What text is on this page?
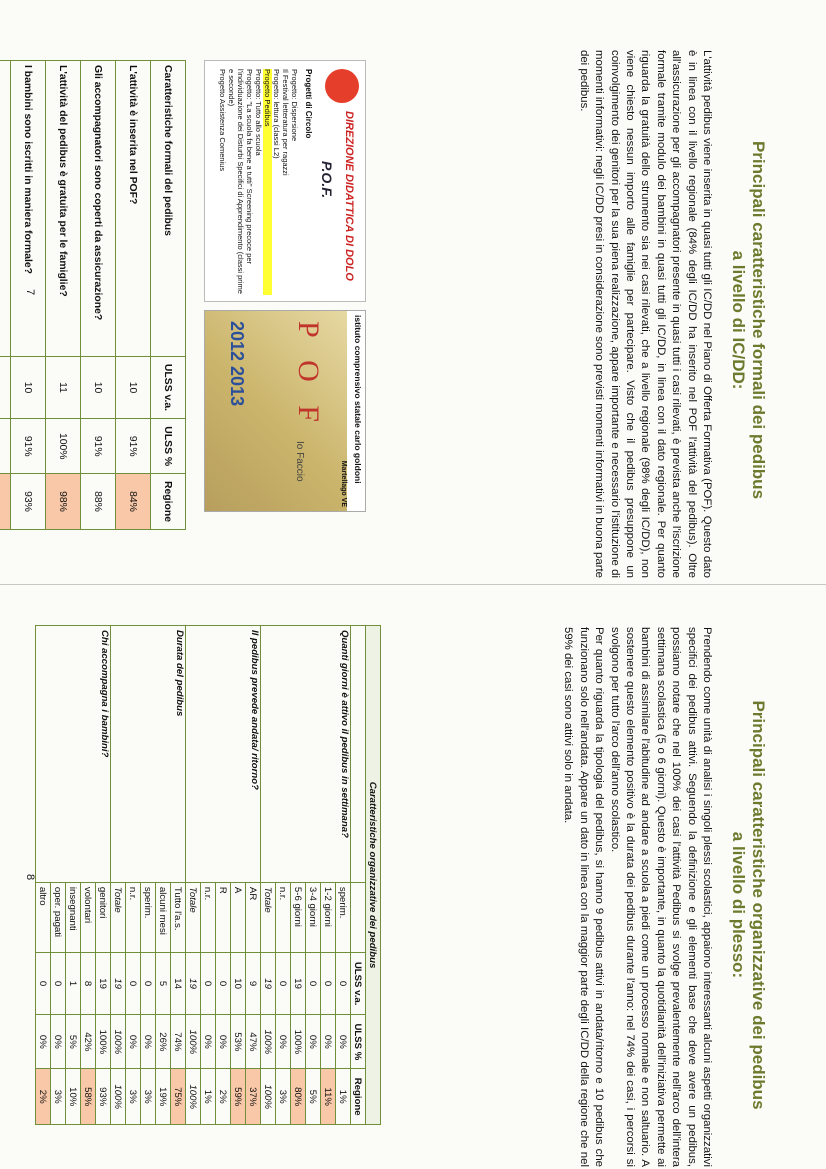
Principali caratteristiche formali dei pedibus

a livello di IC/DD:

L'attività pedibus viene inserita in quasi tutti gli IC/DD nel Piano di Offerta Formativa (POF). Questo dato è in linea con il livello regionale (84% degli IC/DD ha inserito nel POF l'attività del pedibus). Oltre all'assicurazione per gli accompagnatori presente in quasi tutti i casi rilevati, è prevista anche l'iscrizione formale tramite modulo dei bambini in quasi tutti gli IC/DD, in linea con il dato regionale. Per quanto riguarda la gratuità dello strumento sia nei casi rilevati, che a livello regionale (98% degli IC/DD), non viene chiesto nessun importo alle famiglie per partecipare. Visto che il pedibus presuppone un coinvolgimento dei genitori per la sua piena realizzazione, appare importante e necessario l'istituzione di momenti informativi: negli IC/DD presi in considerazione sono previsti momenti informativi in buona parte dei pedibus.

DIREZIONE DIDATTICA DI DOLO
P.O.F.
Progetti di Circolo
Progetto: Dispersione
Il Festival letteratura per ragazzi
Progetto: lettura (classi L2)
Progetto Pedibus
Progetto: Tutto allo scuola
Progetto: "La scuola fa bene a tutti" Screening precoce per l'individuazione dei Disturbi Specifici di Apprendimento (classi prime e seconde)
Progetto Assistenza Comenius
istituto comprensivo statale carlo goldoni
Martellago VE
P O F
2012 2013
Io Faccio
Caratteristiche formali del pedibus	ULSS v.a.	ULSS %	Regione
L'attività è inserita nel POF?	10	91%	84%
Gli accompagnatori sono coperti da assicurazione?	10	91%	88%
L'attività del pedibus è gratuita per le famiglie?	11	100%	98%
I bambini sono iscritti in maniera formale?	10	91%	93%

7

Principali caratteristiche organizzative dei pedibus

a livello di plesso:

Prendendo come unità di analisi i singoli plessi scolastici, appaiono interessanti alcuni aspetti organizzativi specifici dei pedibus attivi. Seguendo la definizione e gli elementi base che deve avere un pedibus, possiamo notare che nel 100% dei casi l'attività Pedibus si svolge prevalentemente nell'arco dell'intera settimana scolastica (5 o 6 giorni). Questo è importante, in quanto la quotidianità dell'iniziativa permette ai bambini di assimilare l'abitudine ad andare a scuola a piedi come un processo normale e non saltuario. A sostenere questo elemento positivo è la durata dei pedibus durante l'anno: nel 74% dei casi, i percorsi si svolgono per tutto l'arco dell'anno scolastico.

Per quanto riguarda la tipologia del pedibus, si hanno 9 pedibus attivi in andata/ritorno e 10 pedibus che funzionano solo nell'andata. Appare un dato in linea con la maggior parte degli IC/DD della regione che nel 59% dei casi sono attivi solo in andata.

Caratteristiche organizzative dei pedibus				
		ULSS v.a.	ULSS %	Regione
Quanti giorni è attivo il pedibus in settimana?	sperim.	0	0%	1%
	1-2 giorni	0	0%	11%
	3-4 giorni	0	0%	5%
	5-6 giorni	19	100%	80%
	n.r.	0	0%	3%
	Totale	19	100%	100%
Il pedibus prevede andata/ ritorno?	AR	9	47%	37%
	A	10	53%	59%
	R	0	0%	2%
	n.r.	0	0%	1%
	Totale	19	100%	100%
Durata del pedibus	Tutto l'a.s.	14	74%	75%
	alcuni mesi	5	26%	19%
	sperim.	0	0%	3%
	n.r.	0	0%	3%
	Totale	19	100%	100%
Chi accompagna i bambini?	genitori	19	100%	93%
	volontari	8	42%	58%
	insegnanti	1	5%	10%
	oper. pagati	0	0%	3%
	altro	0	0%	2%
8
